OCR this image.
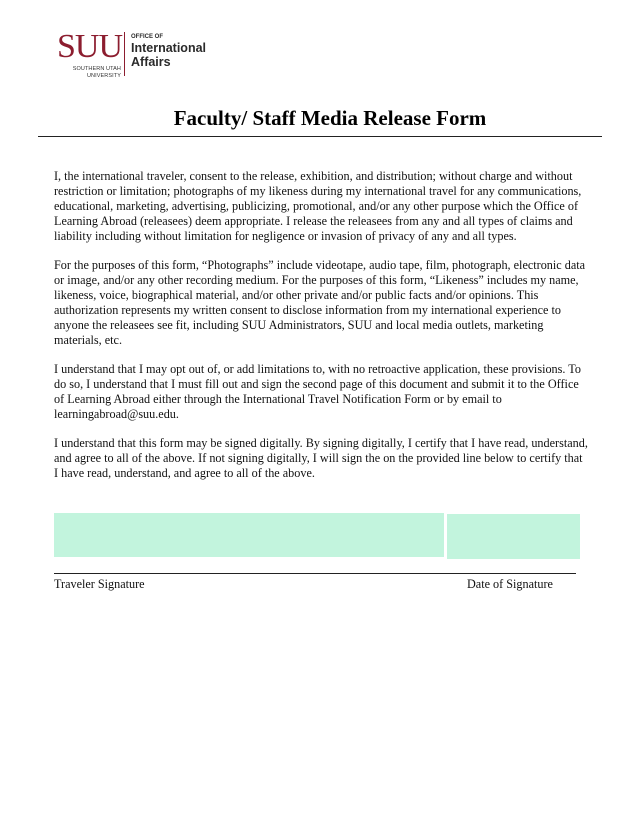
SUU
SOUTHERN UTAH
UNIVERSITY
OFFICE OF
International
Affairs
Faculty/ Staff Media Release Form

I, the international traveler, consent to the release, exhibition, and distribution; without charge and without restriction or limitation; photographs of my likeness during my international travel for any communications, educational, marketing, advertising, publicizing, promotional, and/or any other purpose which the Office of Learning Abroad (releasees) deem appropriate. I release the releasees from any and all types of claims and liability including without limitation for negligence or invasion of privacy of any and all types.

For the purposes of this form, “Photographs” include videotape, audio tape, film, photograph, electronic data or image, and/or any other recording medium. For the purposes of this form, “Likeness” includes my name, likeness, voice, biographical material, and/or other private and/or public facts and/or opinions. This authorization represents my written consent to disclose information from my international experience to anyone the releasees see fit, including SUU Administrators, SUU and local media outlets, marketing materials, etc.

I understand that I may opt out of, or add limitations to, with no retroactive application, these provisions. To do so, I understand that I must fill out and sign the second page of this document and submit it to the Office of Learning Abroad either through the International Travel Notification Form or by email to learningabroad@suu.edu.

I understand that this form may be signed digitally. By signing digitally, I certify that I have read, understand, and agree to all of the above. If not signing digitally, I will sign the on the provided line below to certify that I have read, understand, and agree to all of the above.

Traveler Signature	Date of Signature
